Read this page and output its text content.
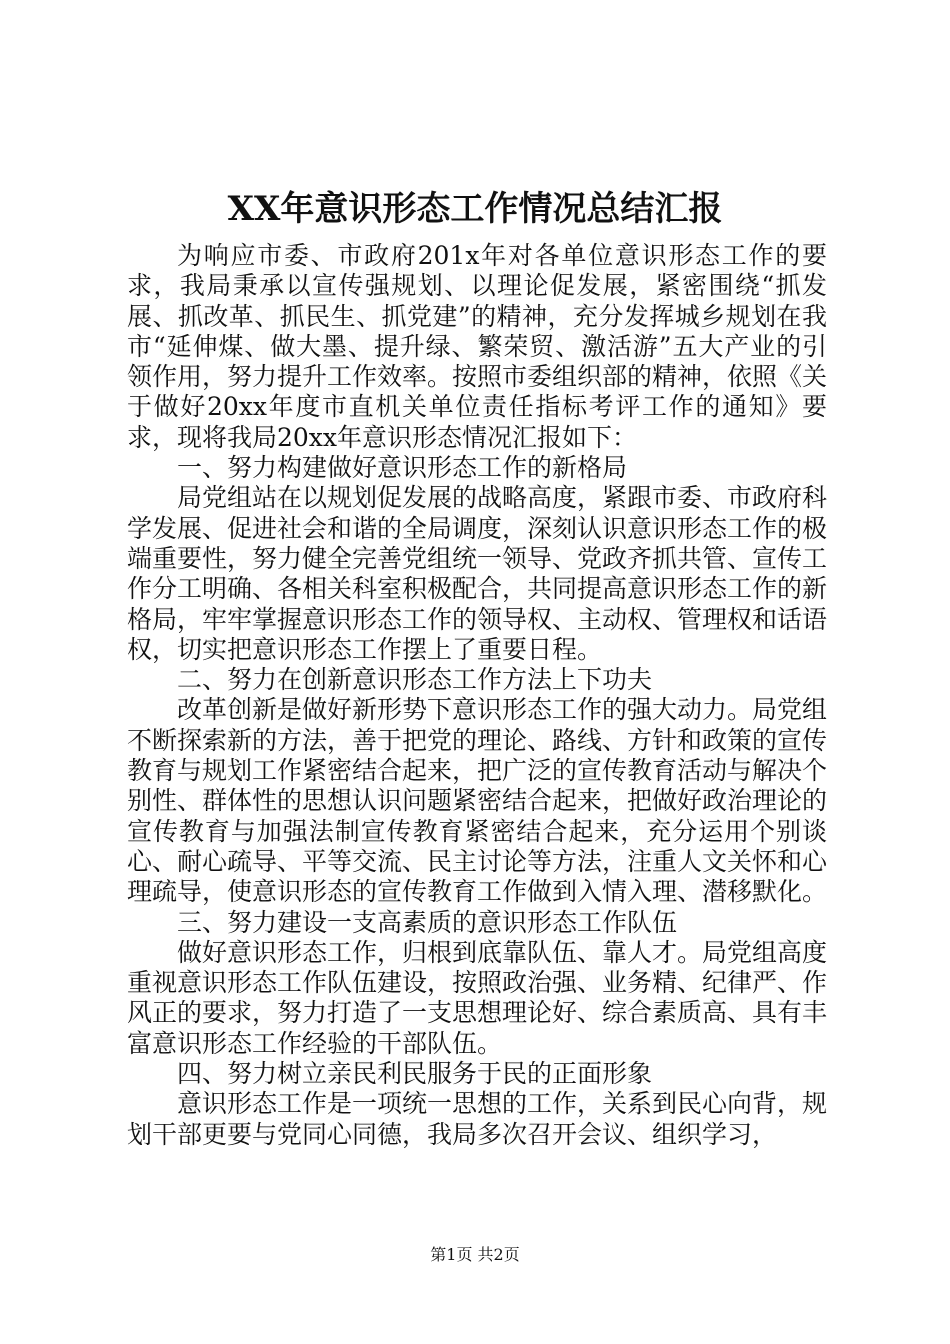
XX年意识形态工作情况总结汇报

为响应市委、市政府201x年对各单位意识形态工作的要求，我局秉承以宣传强规划、以理论促发展，紧密围绕“抓发展、抓改革、抓民生、抓党建”的精神，充分发挥城乡规划在我市“延伸煤、做大墨、提升绿、繁荣贸、激活游”五大产业的引领作用，努力提升工作效率。按照市委组织部的精神，依照《关于做好20xx年度市直机关单位责任指标考评工作的通知》要求，现将我局20xx年意识形态情况汇报如下：

一、努力构建做好意识形态工作的新格局

局党组站在以规划促发展的战略高度，紧跟市委、市政府科学发展、促进社会和谐的全局调度，深刻认识意识形态工作的极端重要性，努力健全完善党组统一领导、党政齐抓共管、宣传工作分工明确、各相关科室积极配合，共同提高意识形态工作的新格局，牢牢掌握意识形态工作的领导权、主动权、管理权和话语权，切实把意识形态工作摆上了重要日程。

二、努力在创新意识形态工作方法上下功夫

改革创新是做好新形势下意识形态工作的强大动力。局党组不断探索新的方法，善于把党的理论、路线、方针和政策的宣传教育与规划工作紧密结合起来，把广泛的宣传教育活动与解决个别性、群体性的思想认识问题紧密结合起来，把做好政治理论的宣传教育与加强法制宣传教育紧密结合起来，充分运用个别谈心、耐心疏导、平等交流、民主讨论等方法，注重人文关怀和心理疏导，使意识形态的宣传教育工作做到入情入理、潜移默化。

三、努力建设一支高素质的意识形态工作队伍

做好意识形态工作，归根到底靠队伍、靠人才。局党组高度重视意识形态工作队伍建设，按照政治强、业务精、纪律严、作风正的要求，努力打造了一支思想理论好、综合素质高、具有丰富意识形态工作经验的干部队伍。

四、努力树立亲民利民服务于民的正面形象

意识形态工作是一项统一思想的工作，关系到民心向背，规划干部更要与党同心同德，我局多次召开会议、组织学习，

第1页 共2页
